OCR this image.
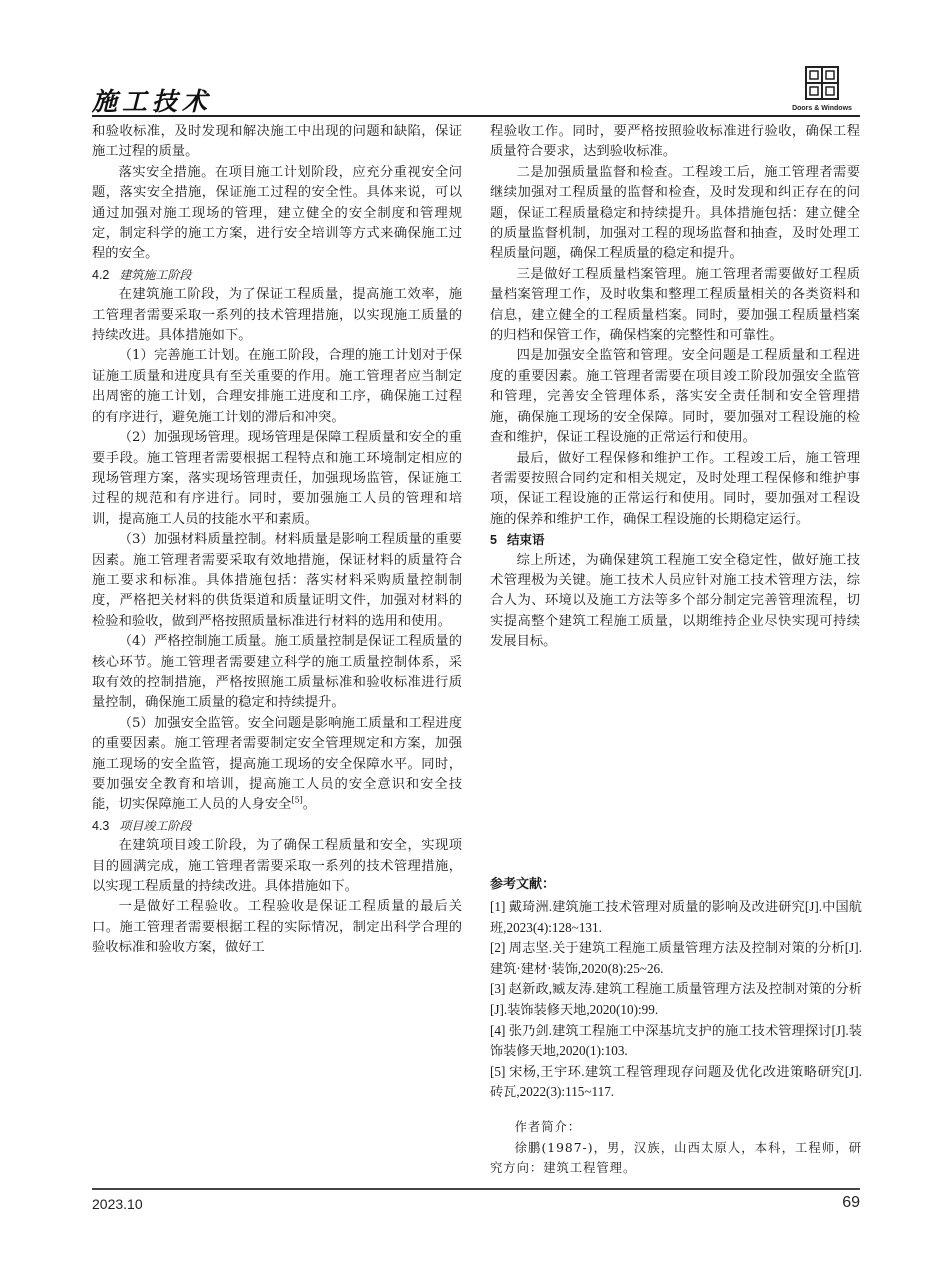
施工技术	Doors & Windows

和验收标准，及时发现和解决施工中出现的问题和缺陷，保证施工过程的质量。

落实安全措施。在项目施工计划阶段，应充分重视安全问题，落实安全措施，保证施工过程的安全性。具体来说，可以通过加强对施工现场的管理，建立健全的安全制度和管理规定，制定科学的施工方案，进行安全培训等方式来确保施工过程的安全。

4.2 建筑施工阶段

在建筑施工阶段，为了保证工程质量，提高施工效率，施工管理者需要采取一系列的技术管理措施，以实现施工质量的持续改进。具体措施如下。

（1）完善施工计划。在施工阶段，合理的施工计划对于保证施工质量和进度具有至关重要的作用。施工管理者应当制定出周密的施工计划，合理安排施工进度和工序，确保施工过程的有序进行，避免施工计划的滞后和冲突。

（2）加强现场管理。现场管理是保障工程质量和安全的重要手段。施工管理者需要根据工程特点和施工环境制定相应的现场管理方案，落实现场管理责任，加强现场监管，保证施工过程的规范和有序进行。同时，要加强施工人员的管理和培训，提高施工人员的技能水平和素质。

（3）加强材料质量控制。材料质量是影响工程质量的重要因素。施工管理者需要采取有效地措施，保证材料的质量符合施工要求和标准。具体措施包括：落实材料采购质量控制制度，严格把关材料的供货渠道和质量证明文件，加强对材料的检验和验收，做到严格按照质量标准进行材料的选用和使用。

（4）严格控制施工质量。施工质量控制是保证工程质量的核心环节。施工管理者需要建立科学的施工质量控制体系，采取有效的控制措施，严格按照施工质量标准和验收标准进行质量控制，确保施工质量的稳定和持续提升。

（5）加强安全监管。安全问题是影响施工质量和工程进度的重要因素。施工管理者需要制定安全管理规定和方案，加强施工现场的安全监管，提高施工现场的安全保障水平。同时，要加强安全教育和培训，提高施工人员的安全意识和安全技能，切实保障施工人员的人身安全[5]。

4.3 项目竣工阶段

在建筑项目竣工阶段，为了确保工程质量和安全，实现项目的圆满完成，施工管理者需要采取一系列的技术管理措施，以实现工程质量的持续改进。具体措施如下。

一是做好工程验收。工程验收是保证工程质量的最后关口。施工管理者需要根据工程的实际情况，制定出科学合理的验收标准和验收方案，做好工

程验收工作。同时，要严格按照验收标准进行验收，确保工程质量符合要求，达到验收标准。

二是加强质量监督和检查。工程竣工后，施工管理者需要继续加强对工程质量的监督和检查，及时发现和纠正存在的问题，保证工程质量稳定和持续提升。具体措施包括：建立健全的质量监督机制，加强对工程的现场监督和抽查，及时处理工程质量问题，确保工程质量的稳定和提升。

三是做好工程质量档案管理。施工管理者需要做好工程质量档案管理工作，及时收集和整理工程质量相关的各类资料和信息，建立健全的工程质量档案。同时，要加强工程质量档案的归档和保管工作，确保档案的完整性和可靠性。

四是加强安全监管和管理。安全问题是工程质量和工程进度的重要因素。施工管理者需要在项目竣工阶段加强安全监管和管理，完善安全管理体系，落实安全责任制和安全管理措施，确保施工现场的安全保障。同时，要加强对工程设施的检查和维护，保证工程设施的正常运行和使用。

最后，做好工程保修和维护工作。工程竣工后，施工管理者需要按照合同约定和相关规定，及时处理工程保修和维护事项，保证工程设施的正常运行和使用。同时，要加强对工程设施的保养和维护工作，确保工程设施的长期稳定运行。

5 结束语

综上所述，为确保建筑工程施工安全稳定性，做好施工技术管理极为关键。施工技术人员应针对施工技术管理方法，综合人为、环境以及施工方法等多个部分制定完善管理流程，切实提高整个建筑工程施工质量，以期维持企业尽快实现可持续发展目标。

参考文献：

[1] 戴琦洲.建筑施工技术管理对质量的影响及改进研究[J].中国航班,2023(4):128~131.

[2] 周志坚.关于建筑工程施工质量管理方法及控制对策的分析[J].建筑·建材·装饰,2020(8):25~26.

[3] 赵新政,臧友涛.建筑工程施工质量管理方法及控制对策的分析[J].装饰装修天地,2020(10):99.

[4] 张乃剑.建筑工程施工中深基坑支护的施工技术管理探讨[J].装饰装修天地,2020(1):103.

[5] 宋杨,王宇环.建筑工程管理现存问题及优化改进策略研究[J].砖瓦,2022(3):115~117.

作者简介：

徐鹏(1987-)，男，汉族，山西太原人，本科，工程师，研究方向：建筑工程管理。

2023.10	69
